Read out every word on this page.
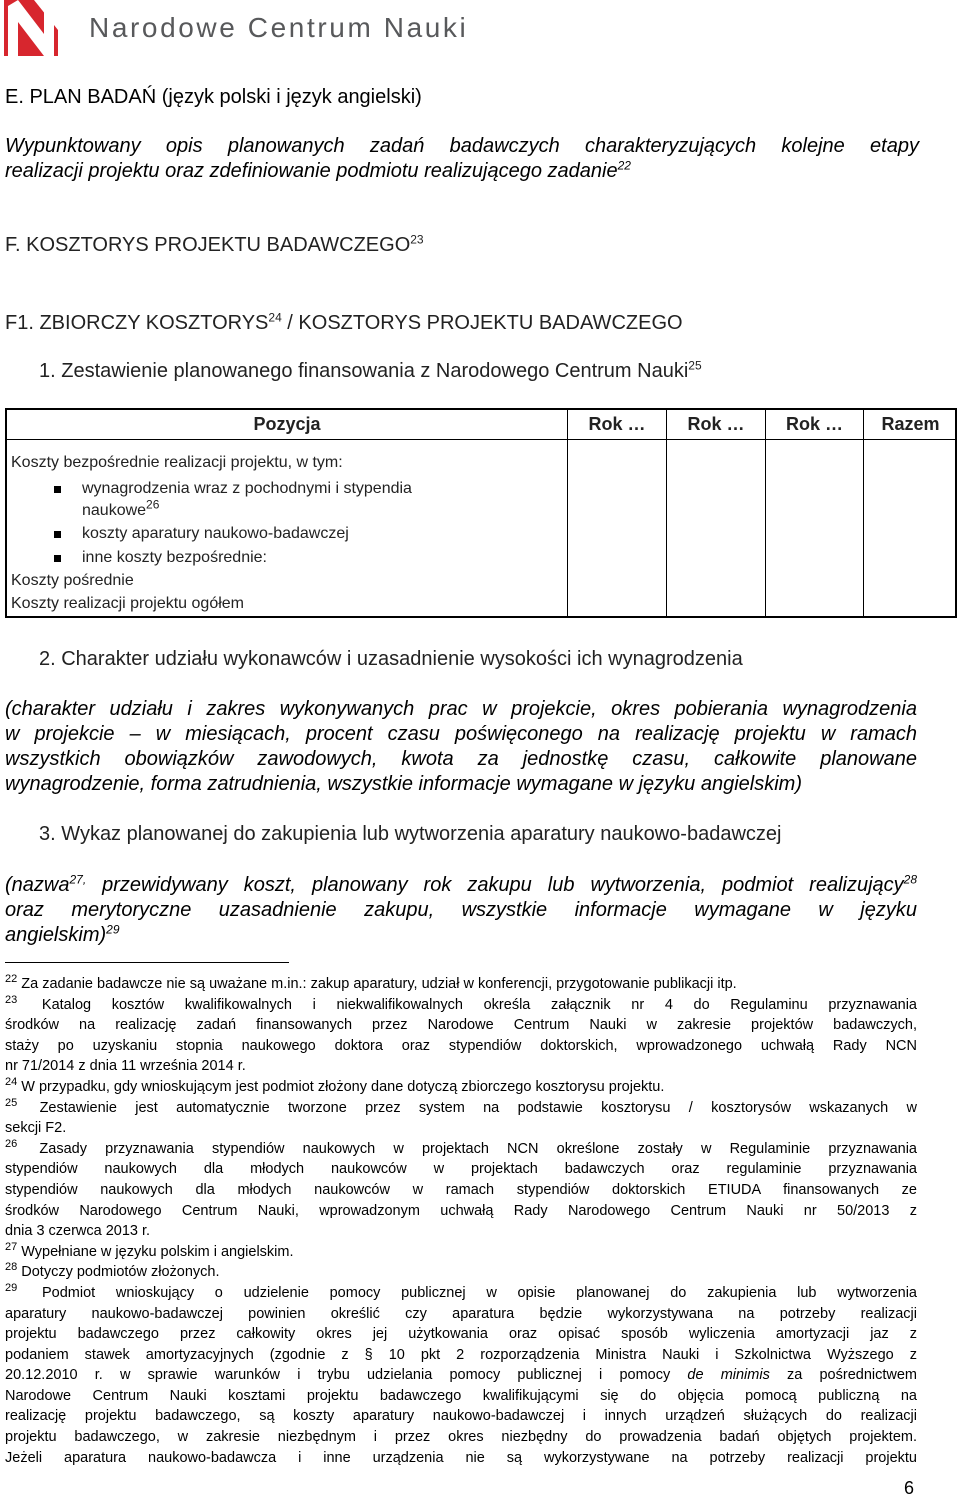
Narodowe Centrum Nauki
E. PLAN BADAŃ (język polski i język angielski)
Wypunktowany opis planowanych zadań badawczych charakteryzujących kolejne etapy
realizacji projektu oraz zdefiniowanie podmiotu realizującego zadanie$^{22}$
F. KOSZTORYS PROJEKTU BADAWCZEGO$^{23}$
F1. ZBIORCZY KOSZTORYS$^{24}$ / KOSZTORYS PROJEKTU BADAWCZEGO
1. Zestawienie planowanego finansowania z Narodowego Centrum Nauki$^{25}$
Pozycja	Rok …	Rok …	Rok …	Razem
Koszty bezpośrednie realizacji projektu, w tym:
wynagrodzenia wraz z pochodnymi i stypendia
naukowe$^{26}$
koszty aparatury naukowo-badawczej
inne koszty bezpośrednie:
Koszty pośrednie
Koszty realizacji projektu ogółem
2. Charakter udziału wykonawców i uzasadnienie wysokości ich wynagrodzenia
(charakter udziału i zakres wykonywanych prac w projekcie, okres pobierania wynagrodzenia
w projekcie – w miesiącach, procent czasu poświęconego na realizację projektu w ramach
wszystkich obowiązków zawodowych, kwota za jednostkę czasu, całkowite planowane
wynagrodzenie, forma zatrudnienia, wszystkie informacje wymagane w języku angielskim)
3. Wykaz planowanej do zakupienia lub wytworzenia aparatury naukowo-badawczej
(nazwa$^{27,}$ przewidywany koszt, planowany rok zakupu lub wytworzenia, podmiot realizujący$^{28}$
oraz merytoryczne uzasadnienie zakupu, wszystkie informacje wymagane w języku
angielskim)$^{29}$
$^{22}$ Za zadanie badawcze nie są uważane m.in.: zakup aparatury, udział w konferencji, przygotowanie publikacji itp.
$^{23}$ Katalog kosztów kwalifikowalnych i niekwalifikowalnych określa załącznik nr 4 do Regulaminu przyznawania
środków na realizację zadań finansowanych przez Narodowe Centrum Nauki w zakresie projektów badawczych,
staży po uzyskaniu stopnia naukowego doktora oraz stypendiów doktorskich, wprowadzonego uchwałą Rady NCN
nr 71/2014 z dnia 11 września 2014 r.
$^{24}$ W przypadku, gdy wnioskującym jest podmiot złożony dane dotyczą zbiorczego kosztorysu projektu.
$^{25}$ Zestawienie jest automatycznie tworzone przez system na podstawie kosztorysu / kosztorysów wskazanych w
sekcji F2.
$^{26}$ Zasady przyznawania stypendiów naukowych w projektach NCN określone zostały w Regulaminie przyznawania
stypendiów naukowych dla młodych naukowców w projektach badawczych oraz regulaminie przyznawania
stypendiów naukowych dla młodych naukowców w ramach stypendiów doktorskich ETIUDA finansowanych ze
środków Narodowego Centrum Nauki, wprowadzonym uchwałą Rady Narodowego Centrum Nauki nr 50/2013 z
dnia 3 czerwca 2013 r.
$^{27}$ Wypełniane w języku polskim i angielskim.
$^{28}$ Dotyczy podmiotów złożonych.
$^{29}$ Podmiot wnioskujący o udzielenie pomocy publicznej w opisie planowanej do zakupienia lub wytworzenia
aparatury naukowo-badawczej powinien określić czy aparatura będzie wykorzystywana na potrzeby realizacji
projektu badawczego przez całkowity okres jej użytkowania oraz opisać sposób wyliczenia amortyzacji jaz z
podaniem stawek amortyzacyjnych (zgodnie z § 10 pkt 2 rozporządzenia Ministra Nauki i Szkolnictwa Wyższego z
20.12.2010 r. w sprawie warunków i trybu udzielania pomocy publicznej i pomocy de minimis za pośrednictwem
Narodowe Centrum Nauki kosztami projektu badawczego kwalifikującymi się do objęcia pomocą publiczną na
realizację projektu badawczego, są koszty aparatury naukowo-badawczej i innych urządzeń służących do realizacji
projektu badawczego, w zakresie niezbędnym i przez okres niezbędny do prowadzenia badań objętych projektem.
Jeżeli aparatura naukowo-badawcza i inne urządzenia nie są wykorzystywane na potrzeby realizacji projektu
6
